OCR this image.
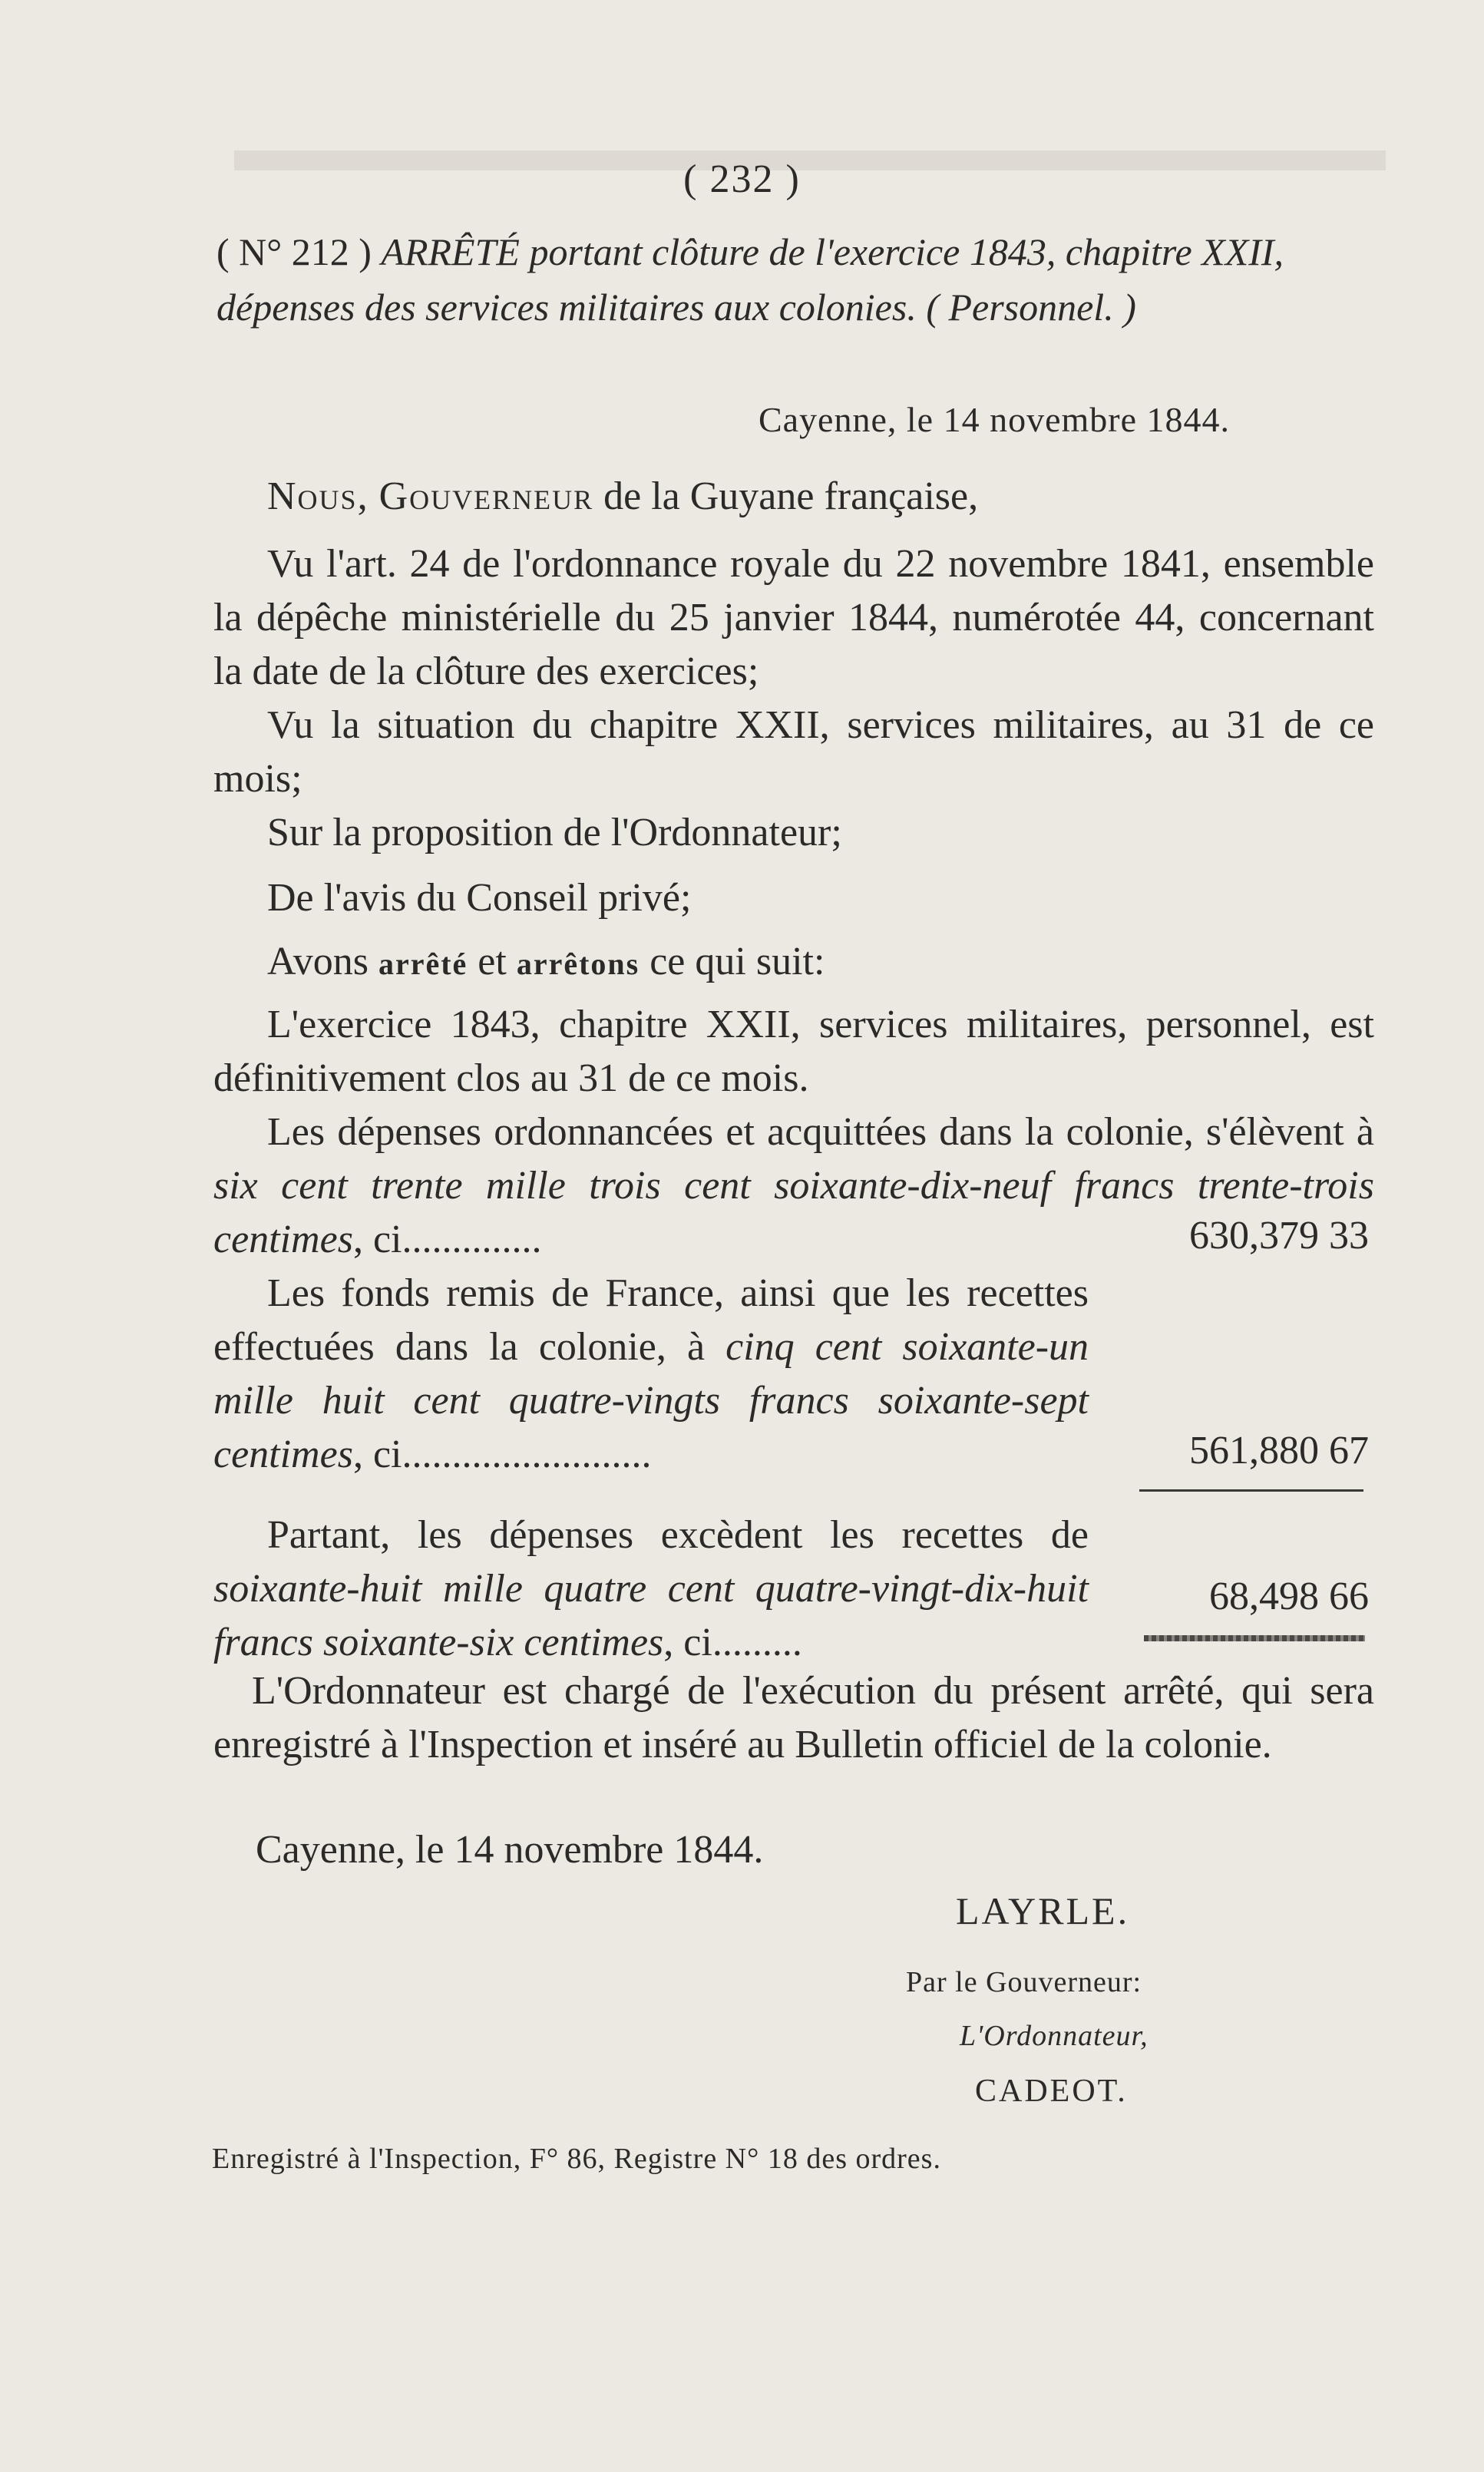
( 232 )
( N° 212 ) ARRÊTÉ portant clôture de l'exercice 1843, chapitre XXII, dépenses des services militaires aux colonies. ( Personnel. )
Cayenne, le 14 novembre 1844.
Nous, Gouverneur de la Guyane française,
Vu l'art. 24 de l'ordonnance royale du 22 novembre 1841, ensemble la dépêche ministérielle du 25 janvier 1844, numérotée 44, concernant la date de la clôture des exercices;
Vu la situation du chapitre XXII, services militaires, au 31 de ce mois;
Sur la proposition de l'Ordonnateur;
De l'avis du Conseil privé;
Avons arrêté et arrêtons ce qui suit:
L'exercice 1843, chapitre XXII, services militaires, personnel, est définitivement clos au 31 de ce mois.
Les dépenses ordonnancées et acquittées dans la colonie, s'élèvent à six cent trente mille trois cent soixante-dix-neuf francs trente-trois centimes, ci..............	630,379 33
Les fonds remis de France, ainsi que les recettes effectuées dans la colonie, à cinq cent soixante-un mille huit cent quatre-vingts francs soixante-sept centimes, ci.........................	561,880 67
Partant, les dépenses excèdent les recettes de soixante-huit mille quatre cent quatre-vingt-dix-huit francs soixante-six centimes, ci.........
68,498 66
L'Ordonnateur est chargé de l'exécution du présent arrêté, qui sera enregistré à l'Inspection et inséré au Bulletin officiel de la colonie.
Cayenne, le 14 novembre 1844.
LAYRLE.
Par le Gouverneur:
L'Ordonnateur,
CADEOT.
Enregistré à l'Inspection, F° 86, Registre N° 18 des ordres.
